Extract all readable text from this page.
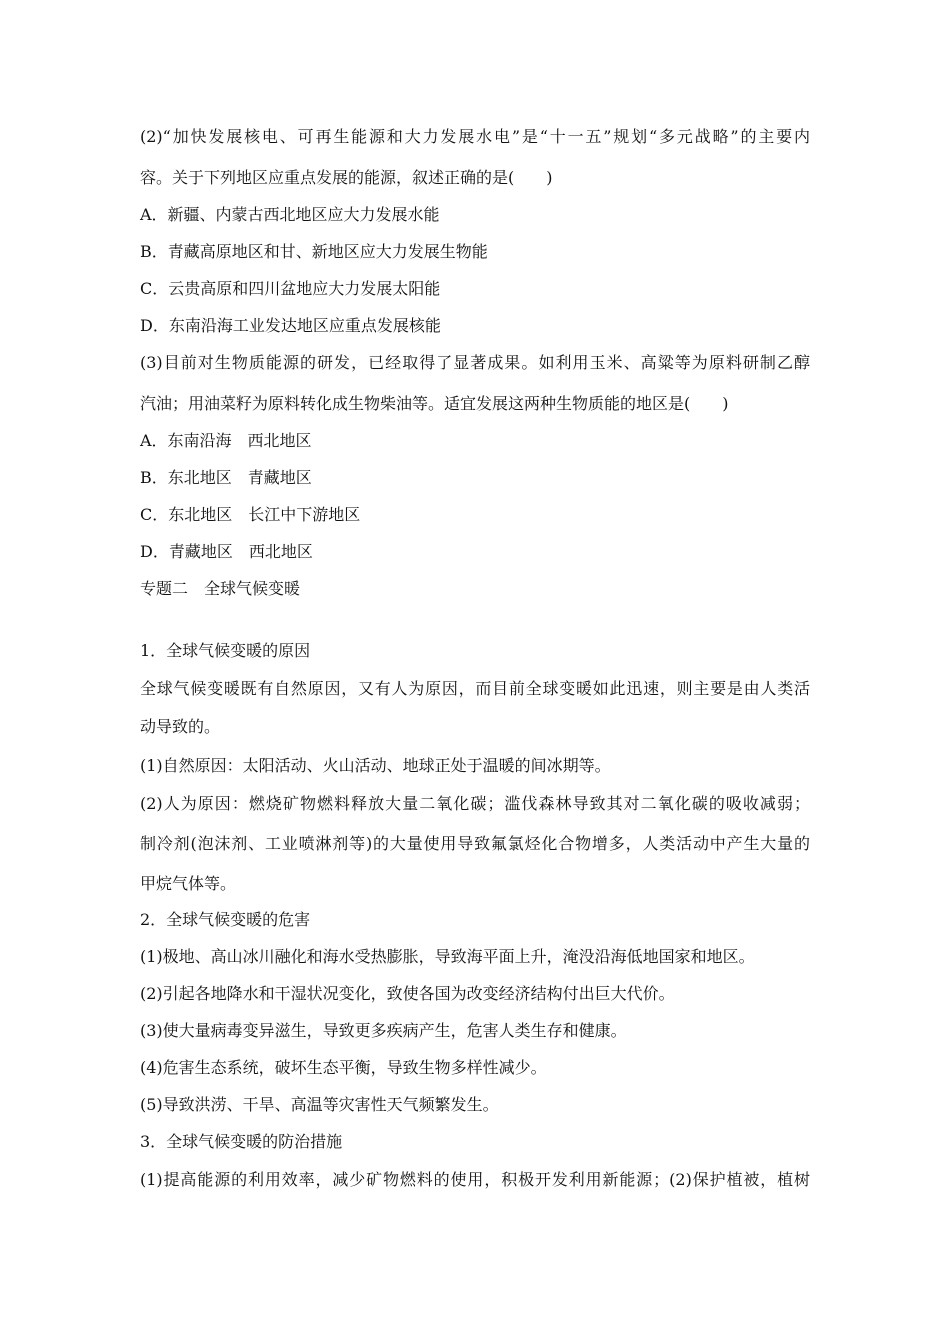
(2)“加快发展核电、可再生能源和大力发展水电”是“十一五”规划“多元战略”的主要内
容。关于下列地区应重点发展的能源，叙述正确的是(　　)
A．新疆、内蒙古西北地区应大力发展水能
B．青藏高原地区和甘、新地区应大力发展生物能
C．云贵高原和四川盆地应大力发展太阳能
D．东南沿海工业发达地区应重点发展核能
(3)目前对生物质能源的研发，已经取得了显著成果。如利用玉米、高粱等为原料研制乙醇
汽油；用油菜籽为原料转化成生物柴油等。适宜发展这两种生物质能的地区是(　　)
A．东南沿海　西北地区
B．东北地区　青藏地区
C．东北地区　长江中下游地区
D．青藏地区　西北地区
专题二　全球气候变暖
1．全球气候变暖的原因
全球气候变暖既有自然原因，又有人为原因，而目前全球变暖如此迅速，则主要是由人类活
动导致的。
(1)自然原因：太阳活动、火山活动、地球正处于温暖的间冰期等。
(2)人为原因：燃烧矿物燃料释放大量二氧化碳；滥伐森林导致其对二氧化碳的吸收减弱；
制冷剂(泡沫剂、工业喷淋剂等)的大量使用导致氟氯烃化合物增多，人类活动中产生大量的
甲烷气体等。
2．全球气候变暖的危害
(1)极地、高山冰川融化和海水受热膨胀，导致海平面上升，淹没沿海低地国家和地区。
(2)引起各地降水和干湿状况变化，致使各国为改变经济结构付出巨大代价。
(3)使大量病毒变异滋生，导致更多疾病产生，危害人类生存和健康。
(4)危害生态系统，破坏生态平衡，导致生物多样性减少。
(5)导致洪涝、干旱、高温等灾害性天气频繁发生。
3．全球气候变暖的防治措施
(1)提高能源的利用效率，减少矿物燃料的使用，积极开发利用新能源；(2)保护植被，植树
